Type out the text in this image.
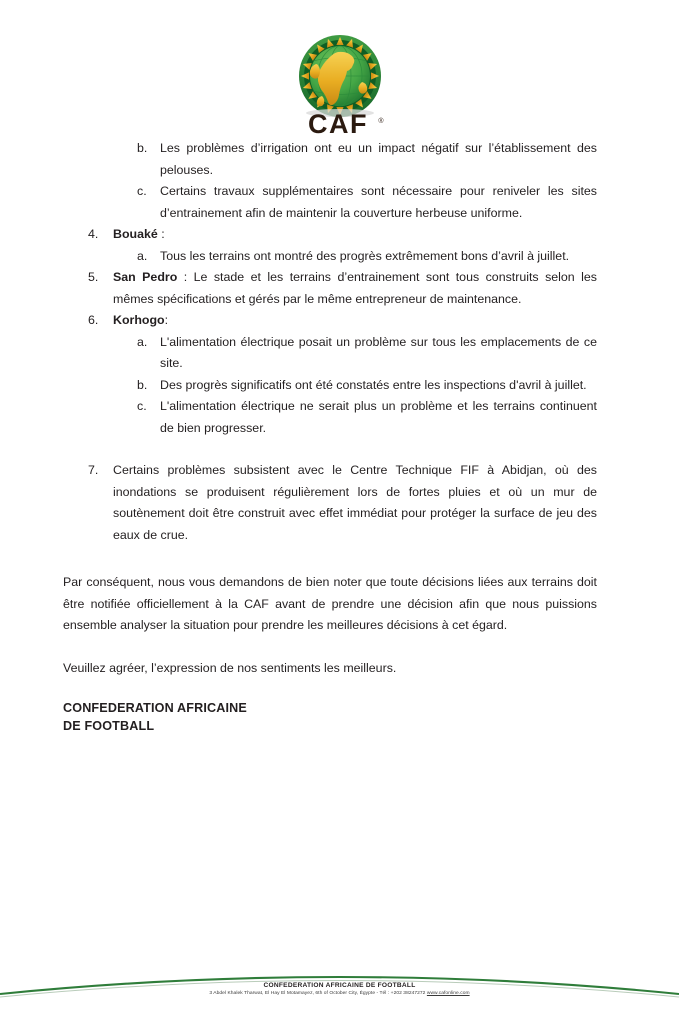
CAF ®
b.	Les problèmes d’irrigation ont eu un impact négatif sur l’établissement des pelouses.
c.	Certains travaux supplémentaires sont nécessaire pour reniveler les sites d’entrainement afin de maintenir la couverture herbeuse uniforme.
4.	Bouaké :
a.	Tous les terrains ont montré des progrès extrêmement bons d’avril à juillet.
5.	San Pedro : Le stade et les terrains d’entrainement sont tous construits selon les mêmes spécifications et gérés par le même entrepreneur de maintenance.
6.	Korhogo:
a.	L'alimentation électrique posait un problème sur tous les emplacements de ce site.
b.	Des progrès significatifs ont été constatés entre les inspections d'avril à juillet.
c.	L'alimentation électrique ne serait plus un problème et les terrains continuent de bien progresser.
7.	Certains problèmes subsistent avec le Centre Technique FIF à Abidjan, où des inondations se produisent régulièrement lors de fortes pluies et où un mur de soutènement doit être construit avec effet immédiat pour protéger la surface de jeu des eaux de crue.

Par conséquent, nous vous demandons de bien noter que toute décisions liées aux terrains doit être notifiée officiellement à la CAF avant de prendre une décision afin que nous puissions ensemble analyser la situation pour prendre les meilleures décisions à cet égard.

Veuillez agréer, l’expression de nos sentiments les meilleurs.

CONFEDERATION AFRICAINE

DE FOOTBALL

CONFEDERATION AFRICAINE DE FOOTBALL

3 Abdel Khalek Tharwat, El Hay El Motamayez, 6th of October City, Égypte - Tél : +202 38247272 www.cafonline.com
